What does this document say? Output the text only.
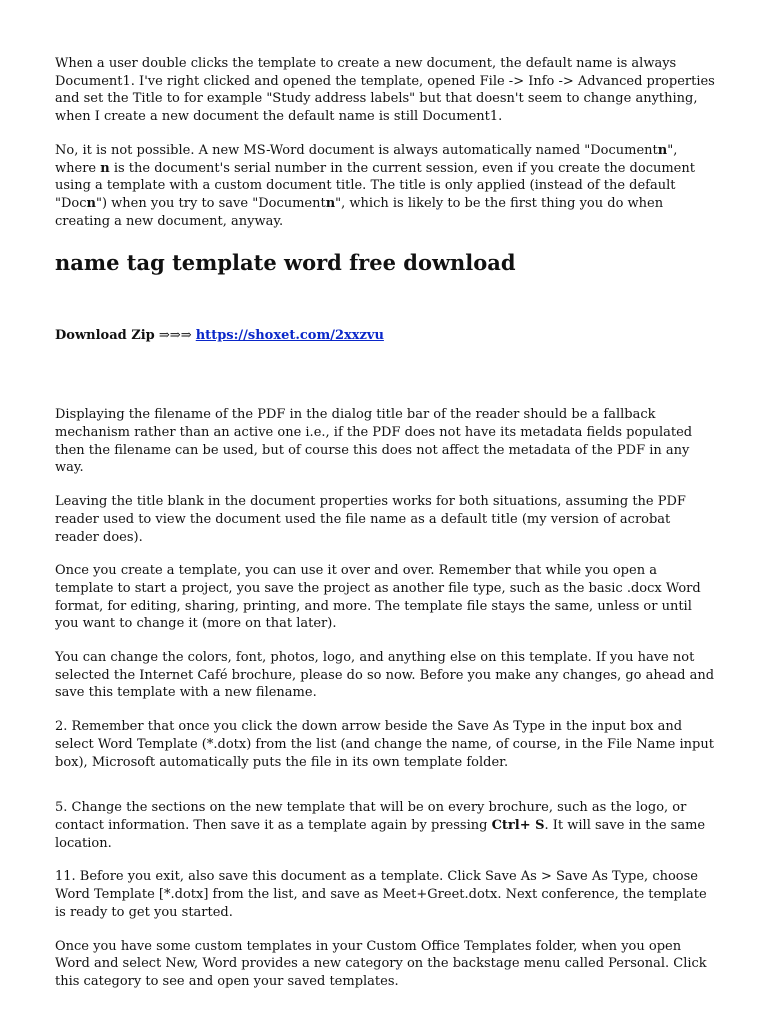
When a user double clicks the template to create a new document, the default name is always Document1. I've right clicked and opened the template, opened File -> Info -> Advanced properties and set the Title to for example "Study address labels" but that doesn't seem to change anything, when I create a new document the default name is still Document1.

No, it is not possible. A new MS-Word document is always automatically named "Documentn", where n is the document's serial number in the current session, even if you create the document using a template with a custom document title. The title is only applied (instead of the default "Docn") when you try to save "Documentn", which is likely to be the first thing you do when creating a new document, anyway.

name tag template word free download

Download Zip ⇒⇒⇒ https://shoxet.com/2xxzvu

Displaying the filename of the PDF in the dialog title bar of the reader should be a fallback mechanism rather than an active one i.e., if the PDF does not have its metadata fields populated then the filename can be used, but of course this does not affect the metadata of the PDF in any way.

Leaving the title blank in the document properties works for both situations, assuming the PDF reader used to view the document used the file name as a default title (my version of acrobat reader does).

Once you create a template, you can use it over and over. Remember that while you open a template to start a project, you save the project as another file type, such as the basic .docx Word format, for editing, sharing, printing, and more. The template file stays the same, unless or until you want to change it (more on that later).

You can change the colors, font, photos, logo, and anything else on this template. If you have not selected the Internet Café brochure, please do so now. Before you make any changes, go ahead and save this template with a new filename.

2. Remember that once you click the down arrow beside the Save As Type in the input box and select Word Template (*.dotx) from the list (and change the name, of course, in the File Name input box), Microsoft automatically puts the file in its own template folder.

5. Change the sections on the new template that will be on every brochure, such as the logo, or contact information. Then save it as a template again by pressing Ctrl+ S. It will save in the same location.

11. Before you exit, also save this document as a template. Click Save As > Save As Type, choose Word Template [*.dotx] from the list, and save as Meet+Greet.dotx. Next conference, the template is ready to get you started.

Once you have some custom templates in your Custom Office Templates folder, when you open Word and select New, Word provides a new category on the backstage menu called Personal. Click this category to see and open your saved templates.
